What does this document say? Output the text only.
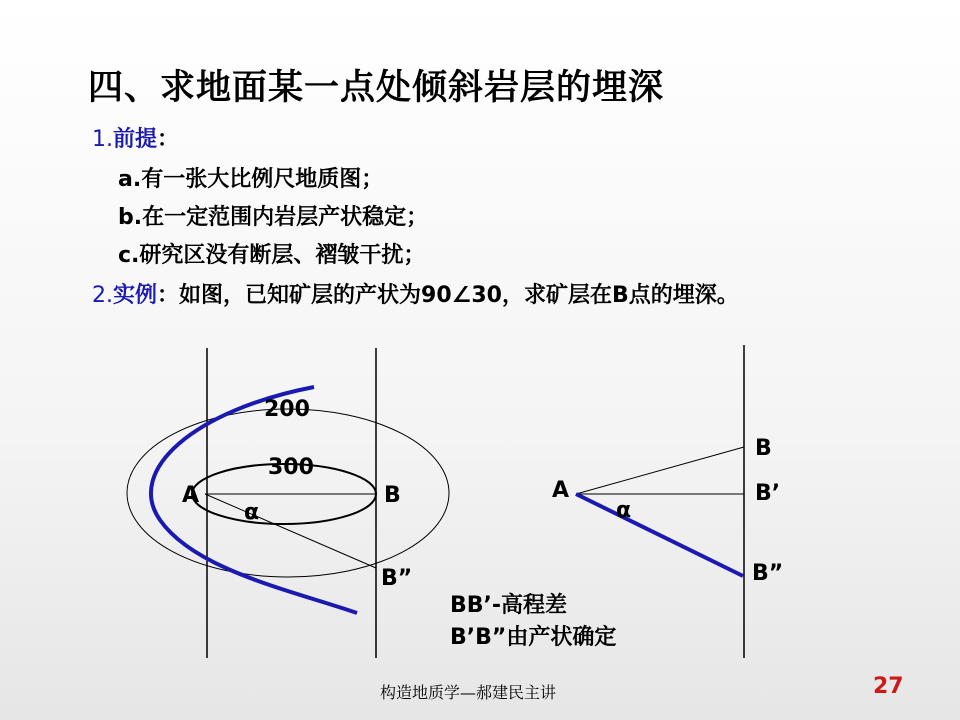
四、求地面某一点处倾斜岩层的埋深
1.前提：
a.有一张大比例尺地质图；
b.在一定范围内岩层产状稳定；
c.研究区没有断层、褶皱干扰；
2.实例：如图，已知矿层的产状为90∠30，求矿层在B点的埋深。
200
300
A	B
α
B”
A
B
B’
B”
α
BB’-高程差
B’B”由产状确定
构造地质学—郝建民主讲	27
